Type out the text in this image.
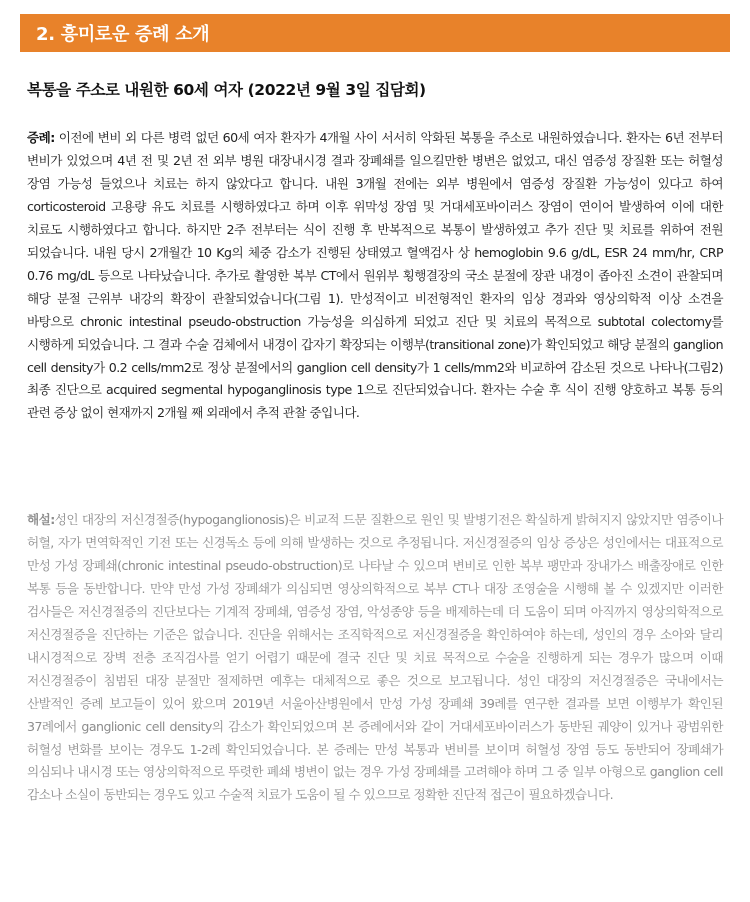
2. 흥미로운 증례 소개
복통을 주소로 내원한 60세 여자 (2022년 9월 3일 집담회)

증례: 이전에 변비 외 다른 병력 없던 60세 여자 환자가 4개월 사이 서서히 악화된 복통을 주소로 내원하였습니다. 환자는 6년 전부터 변비가 있었으며 4년 전 및 2년 전 외부 병원 대장내시경 결과 장폐쇄를 일으킬만한 병변은 없었고, 대신 염증성 장질환 또는 허혈성 장염 가능성 들었으나 치료는 하지 않았다고 합니다. 내원 3개월 전에는 외부 병원에서 염증성 장질환 가능성이 있다고 하여 corticosteroid 고용량 유도 치료를 시행하였다고 하며 이후 위막성 장염 및 거대세포바이러스 장염이 연이어 발생하여 이에 대한 치료도 시행하였다고 합니다. 하지만 2주 전부터는 식이 진행 후 반복적으로 복통이 발생하였고 추가 진단 및 치료를 위하여 전원 되었습니다. 내원 당시 2개월간 10 Kg의 체중 감소가 진행된 상태였고 혈액검사 상 hemoglobin 9.6 g/dL, ESR 24 mm/hr, CRP 0.76 mg/dL 등으로 나타났습니다. 추가로 촬영한 복부 CT에서 원위부 횡행결장의 국소 분절에 장관 내경이 좁아진 소견이 관찰되며 해당 분절 근위부 내강의 확장이 관찰되었습니다(그림 1). 만성적이고 비전형적인 환자의 임상 경과와 영상의학적 이상 소견을 바탕으로 chronic intestinal pseudo-obstruction 가능성을 의심하게 되었고 진단 및 치료의 목적으로 subtotal colectomy를 시행하게 되었습니다. 그 결과 수술 검체에서 내경이 갑자기 확장되는 이행부(transitional zone)가 확인되었고 해당 분절의 ganglion cell density가 0.2 cells/mm2로 정상 분절에서의 ganglion cell density가 1 cells/mm2와 비교하여 감소된 것으로 나타나(그림2) 최종 진단으로 acquired segmental hypoganglinosis type 1으로 진단되었습니다. 환자는 수술 후 식이 진행 양호하고 복통 등의 관련 증상 없이 현재까지 2개월 째 외래에서 추적 관찰 중입니다.

해설:성인 대장의 저신경절증(hypoganglionosis)은 비교적 드문 질환으로 원인 및 발병기전은 확실하게 밝혀지지 않았지만 염증이나 허혈, 자가 면역학적인 기전 또는 신경독소 등에 의해 발생하는 것으로 추정됩니다. 저신경절증의 임상 증상은 성인에서는 대표적으로 만성 가성 장폐쇄(chronic intestinal pseudo-obstruction)로 나타날 수 있으며 변비로 인한 복부 팽만과 장내가스 배출장애로 인한 복통 등을 동반합니다. 만약 만성 가성 장폐쇄가 의심되면 영상의학적으로 복부 CT나 대장 조영술을 시행해 볼 수 있겠지만 이러한 검사들은 저신경절증의 진단보다는 기계적 장폐쇄, 염증성 장염, 악성종양 등을 배제하는데 더 도움이 되며 아직까지 영상의학적으로 저신경절증을 진단하는 기준은 없습니다. 진단을 위해서는 조직학적으로 저신경절증을 확인하여야 하는데, 성인의 경우 소아와 달리 내시경적으로 장벽 전층 조직검사를 얻기 어렵기 때문에 결국 진단 및 치료 목적으로 수술을 진행하게 되는 경우가 많으며 이때 저신경절증이 침범된 대장 분절만 절제하면 예후는 대체적으로 좋은 것으로 보고됩니다. 성인 대장의 저신경절증은 국내에서는 산발적인 증례 보고들이 있어 왔으며 2019년 서울아산병원에서 만성 가성 장폐쇄 39례를 연구한 결과를 보면 이행부가 확인된 37례에서 ganglionic cell density의 감소가 확인되었으며 본 증례에서와 같이 거대세포바이러스가 동반된 궤양이 있거나 광범위한 허혈성 변화를 보이는 경우도 1-2례 확인되었습니다. 본 증례는 만성 복통과 변비를 보이며 허혈성 장염 등도 동반되어 장폐쇄가 의심되나 내시경 또는 영상의학적으로 뚜렷한 폐쇄 병변이 없는 경우 가성 장폐쇄를 고려해야 하며 그 중 일부 아형으로 ganglion cell 감소나 소실이 동반되는 경우도 있고 수술적 치료가 도움이 될 수 있으므로 정확한 진단적 접근이 필요하겠습니다.
